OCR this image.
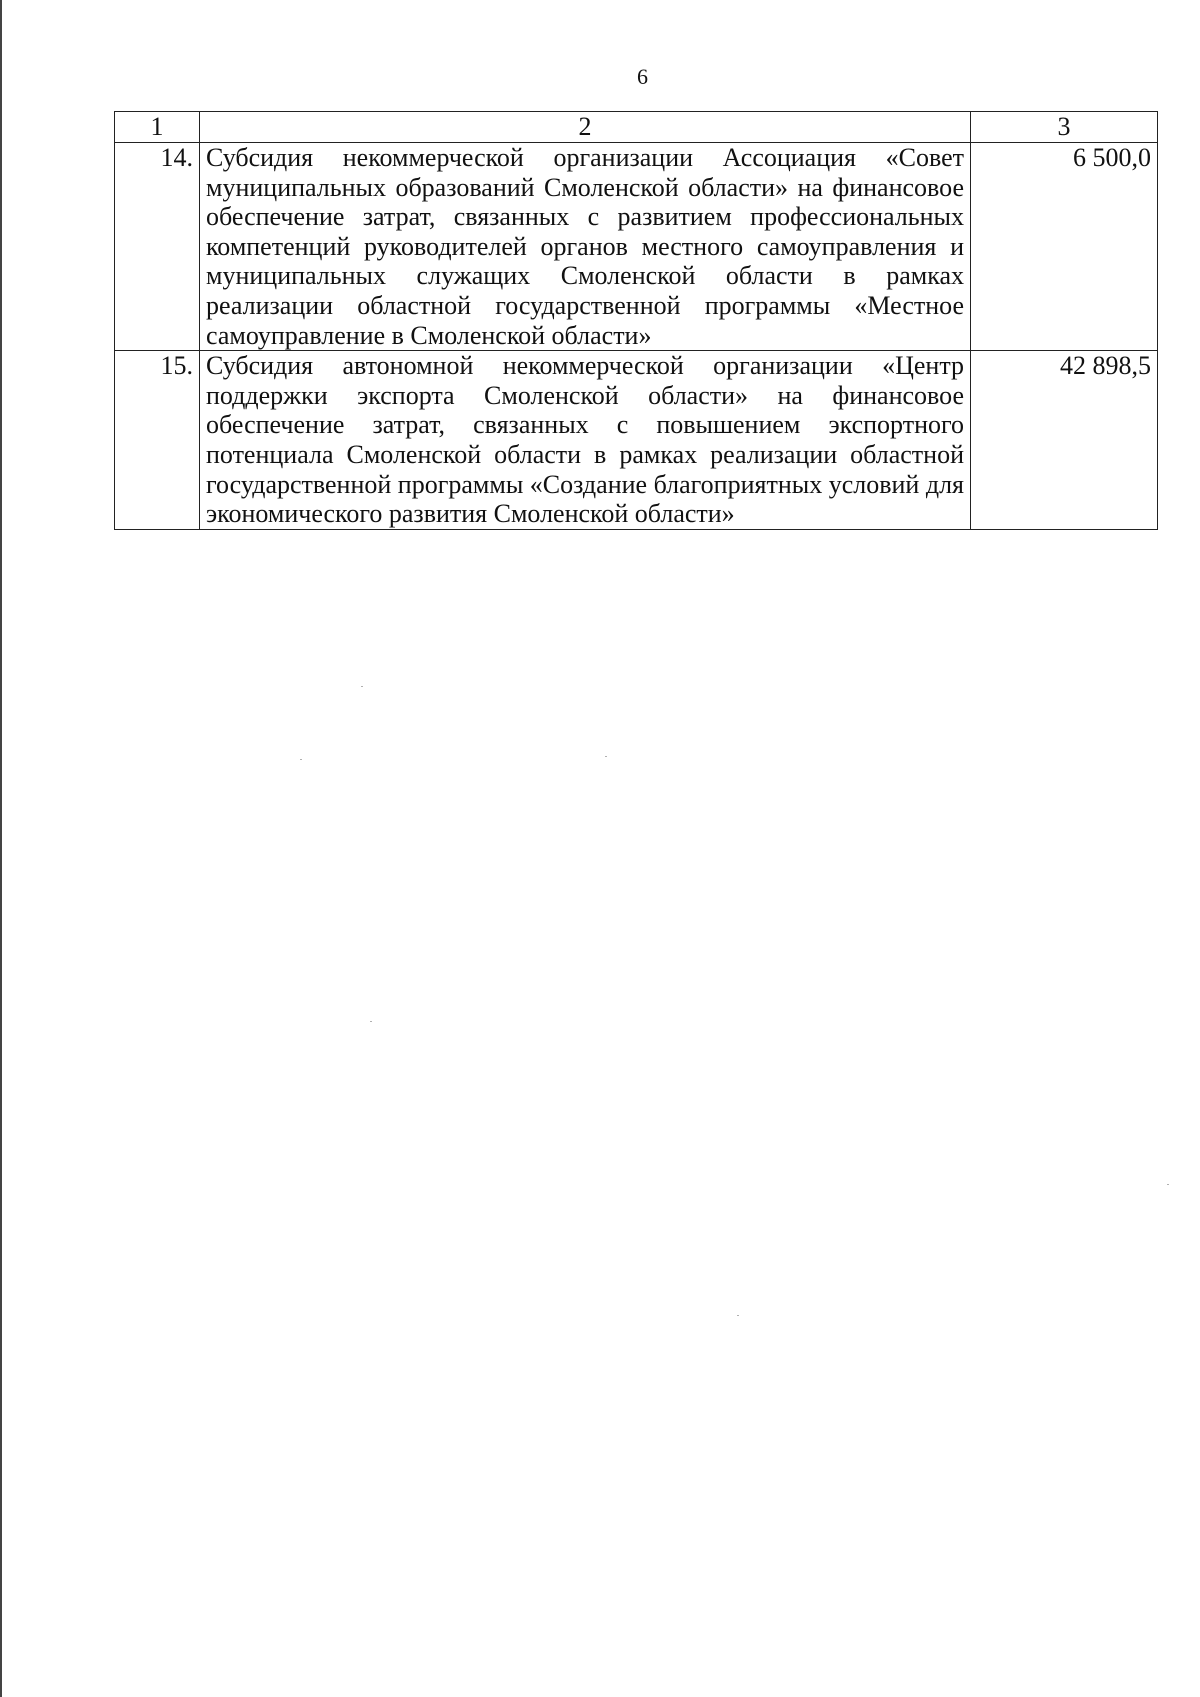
6
1	2	3
14.	Субсидия некоммерческой организации Ассоциация «Совет муниципальных образований Смоленской области» на финансовое обеспечение затрат, связанных с развитием профессиональных компетенций руководителей органов местного самоуправления и муниципальных служащих Смоленской области в рамках реализации областной государственной программы «Местное самоуправление в Смоленской области»	6 500,0
15.	Субсидия автономной некоммерческой организации «Центр поддержки экспорта Смоленской области» на финансовое обеспечение затрат, связанных с повышением экспортного потенциала Смоленской области в рамках реализации областной государственной программы «Создание благоприятных условий для экономического развития Смоленской области»	42 898,5
